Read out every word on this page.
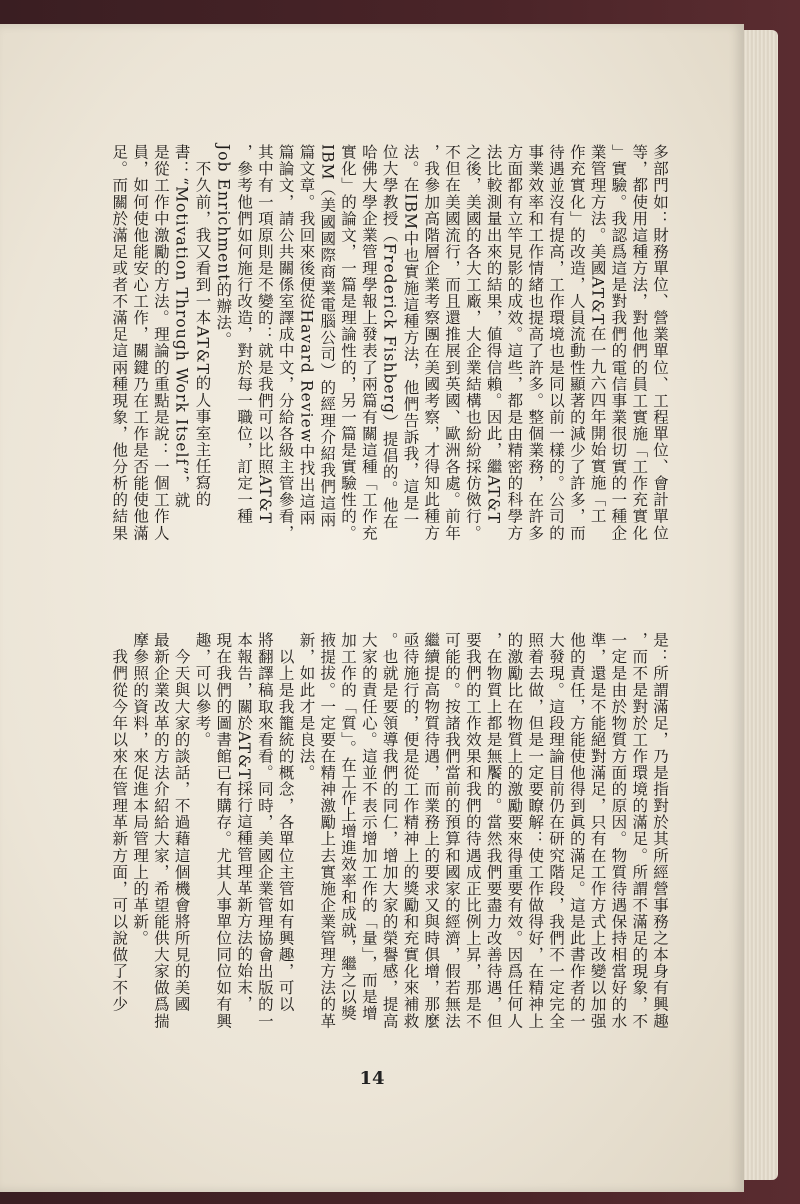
多部門如：財務單位、營業單位、工程單位、會計單位
等，都使用這種方法，對他們的員工實施「工作充實化
」實驗。我認爲這是對我們的電信事業很切實的一種企
業管理方法。美國AT&T在一九六四年開始實施「工
作充實化」的改造，人員流動性顯著的減少了許多，而
待遇並沒有提高，工作環境也是同以前一樣的。公司的
事業效率和工作情緒也提高了許多。整個業務，在許多
方面都有立竿見影的成效。這些，都是由精密的科學方
法比較測量出來的結果，値得信賴。因此，繼AT&T
之後，美國的各大工廠，大企業結構也紛紛採仿傚行。
不但在美國流行，而且還推展到英國、歐洲各處。前年
，我參加高階層企業考察團在美國考察，才得知此種方
法。在IBM中也實施這種方法，他們告訴我，這是一
位大學教授（Frederick Fishberg）提倡的。他在
哈佛大學企業管理學報上發表了兩篇有關這種「工作充
實化」的論文，一篇是理論性的，另一篇是實驗性的。
IBM（美國國際商業電腦公司）的經理介紹我們這兩
篇文章。我回來後便從Havard Review中找出這兩
篇論文，請公共關係室譯成中文，分給各級主管參看，
其中有一項原則是不變的：就是我們可以比照AT&T
，參考他們如何施行改造，對於每一職位，訂定一種
Job Enrichment的辦法。
　不久前，我又看到一本AT&T的人事室主任寫的
書：“Motivation Through Work Itself”，就
是從工作中激勵的方法。理論的重點是說：一個工作人
員，如何使他能安心工作，關鍵乃在工作是否能使他滿
足。而關於滿足或者不滿足這兩種現象，他分析的結果
是：所謂滿足，乃是指對於其所經營事務之本身有興趣
，而不是對於工作環境的滿足。所謂不滿足的現象，不
一定是由於物質方面的原因。物質待遇保持相當好的水
準，還是不能絕對滿足，只有在工作方式上改變以加强
他的責任，方能使他得到眞的滿足。這是此書作者的一
大發現。這段理論目前仍在研究階段，我們不一定完全
照着去做，但是一定要瞭解：使工作做得好，在精神上
的激勵比在物質上的激勵要來得重要有效。因爲任何人
，在物質上都是無饜的。當然我們要盡力改善待遇，但
要我們的工作效果和我們的待遇成正比例上昇，那是不
可能的。按諸我們當前的預算和國家的經濟，假若無法
繼續提高物質待遇，而業務上的要求又與時俱增，那麼
亟待施行的，便是從工作精神上的獎勵和充實化來補救
。也就是要領導我們的同仁，增加大家的榮譽感，提高
大家的責任心。這並不表示增加工作的「量」，而是增
加工作的「質」。在工作上增進效率和成就，繼之以獎
掖提拔。一定要在精神激勵上去實施企業管理方法的革
新，如此才是良法。
　以上是我籠統的概念，各單位主管如有興趣，可以
將翻譯稿取來看看。同時，美國企業管理協會出版的一
本報告，關於AT&T採行這種管理革新方法的始末，
現在我們的圖書館已有購存。尤其人事單位同位如有興
趣，可以參考。
　今天與大家的談話，不過藉這個機會將所見的美國
最新企業改革的方法介紹給大家，希望能供大家做爲揣
摩參照的資料，來促進本局管理上的革新。
　我們從今年以來在管理革新方面，可以說做了不少
14
